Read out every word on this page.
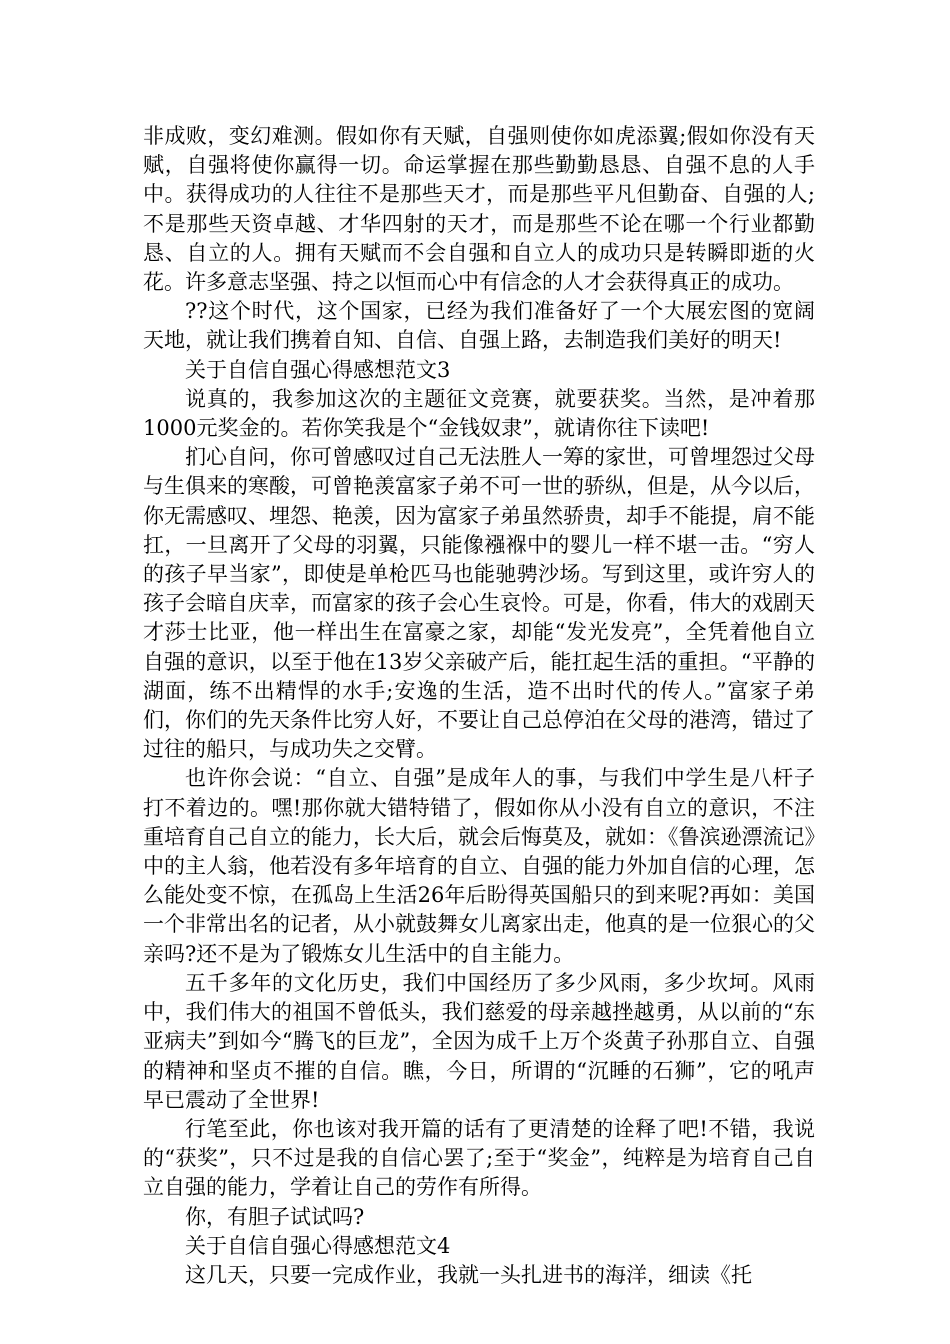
非成败，变幻难测。假如你有天赋，自强则使你如虎添翼;假如你没有天赋，自强将使你赢得一切。命运掌握在那些勤勤恳恳、自强不息的人手中。获得成功的人往往不是那些天才，而是那些平凡但勤奋、自强的人;不是那些天资卓越、才华四射的天才，而是那些不论在哪一个行业都勤恳、自立的人。拥有天赋而不会自强和自立人的成功只是转瞬即逝的火花。许多意志坚强、持之以恒而心中有信念的人才会获得真正的成功。

??这个时代，这个国家，已经为我们准备好了一个大展宏图的宽阔天地，就让我们携着自知、自信、自强上路，去制造我们美好的明天!

关于自信自强心得感想范文3

说真的，我参加这次的主题征文竞赛，就要获奖。当然，是冲着那1000元奖金的。若你笑我是个“金钱奴隶”，就请你往下读吧!

扪心自问，你可曾感叹过自己无法胜人一筹的家世，可曾埋怨过父母与生俱来的寒酸，可曾艳羡富家子弟不可一世的骄纵，但是，从今以后，你无需感叹、埋怨、艳羡，因为富家子弟虽然骄贵，却手不能提，肩不能扛，一旦离开了父母的羽翼，只能像襁褓中的婴儿一样不堪一击。“穷人的孩子早当家”，即使是单枪匹马也能驰骋沙场。写到这里，或许穷人的孩子会暗自庆幸，而富家的孩子会心生哀怜。可是，你看，伟大的戏剧天才莎士比亚，他一样出生在富豪之家，却能“发光发亮”，全凭着他自立自强的意识，以至于他在13岁父亲破产后，能扛起生活的重担。“平静的湖面，练不出精悍的水手;安逸的生活，造不出时代的传人。”富家子弟们，你们的先天条件比穷人好，不要让自己总停泊在父母的港湾，错过了过往的船只，与成功失之交臂。

也许你会说：“自立、自强”是成年人的事，与我们中学生是八杆子打不着边的。嘿!那你就大错特错了，假如你从小没有自立的意识，不注重培育自己自立的能力，长大后，就会后悔莫及，就如：《鲁滨逊漂流记》中的主人翁，他若没有多年培育的自立、自强的能力外加自信的心理，怎么能处变不惊，在孤岛上生活26年后盼得英国船只的到来呢?再如：美国一个非常出名的记者，从小就鼓舞女儿离家出走，他真的是一位狠心的父亲吗?还不是为了锻炼女儿生活中的自主能力。

五千多年的文化历史，我们中国经历了多少风雨，多少坎坷。风雨中，我们伟大的祖国不曾低头，我们慈爱的母亲越挫越勇，从以前的“东亚病夫”到如今“腾飞的巨龙”，全因为成千上万个炎黄子孙那自立、自强的精神和坚贞不摧的自信。瞧，今日，所谓的“沉睡的石狮”，它的吼声早已震动了全世界!

行笔至此，你也该对我开篇的话有了更清楚的诠释了吧!不错，我说的“获奖”，只不过是我的自信心罢了;至于“奖金”，纯粹是为培育自己自立自强的能力，学着让自己的劳作有所得。

你，有胆子试试吗?

关于自信自强心得感想范文4

这几天，只要一完成作业，我就一头扎进书的海洋，细读《托
